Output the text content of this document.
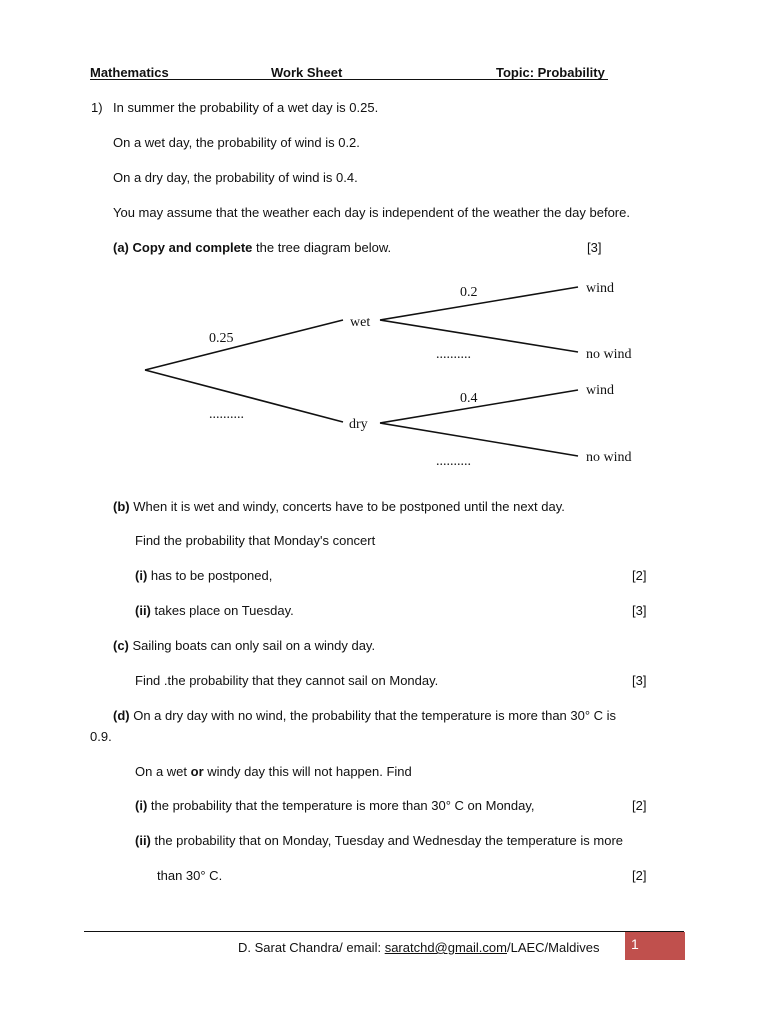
Mathematics	Work Sheet	Topic: Probability
1) In summer the probability of a wet day is 0.25.
On a wet day, the probability of wind is 0.2.
On a dry day, the probability of wind is 0.4.
You may assume that the weather each day is independent of the weather the day before.
(a) Copy and complete the tree diagram below.	[3]
0.25
..........
wet
dry
0.2
..........
0.4
..........
wind
no wind
wind
no wind
(b) When it is wet and windy, concerts have to be postponed until the next day.
Find the probability that Monday's concert
(i) has to be postponed,	[2]
(ii) takes place on Tuesday.	[3]
(c) Sailing boats can only sail on a windy day.
Find .the probability that they cannot sail on Monday.	[3]
(d) On a dry day with no wind, the probability that the temperature is more than 30° C is
0.9.
On a wet or windy day this will not happen. Find
(i) the probability that the temperature is more than 30° C on Monday,	[2]
(ii) the probability that on Monday, Tuesday and Wednesday the temperature is more
than 30° C.	[2]
D. Sarat Chandra/ email: saratchd@gmail.com/LAEC/Maldives 1
